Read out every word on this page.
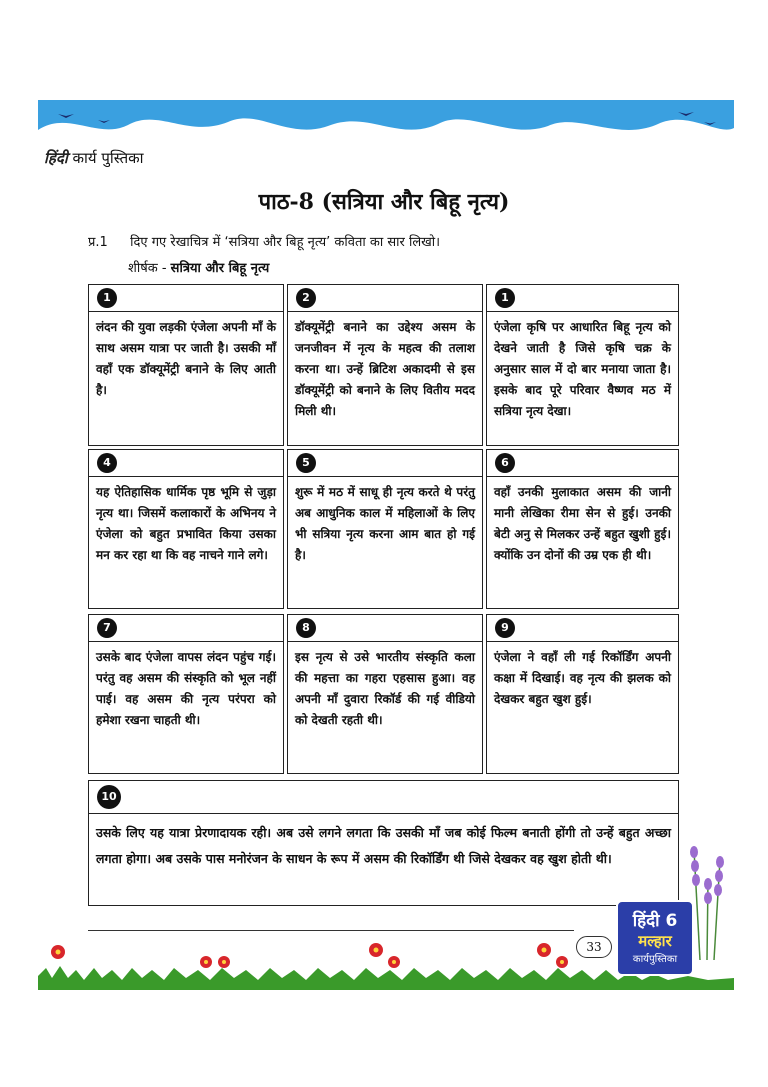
हिंदी कार्य पुस्तिका
पाठ-8 (सत्रिया और बिहू नृत्य)
प्र.1 दिए गए रेखाचित्र में ‘सत्रिया और बिहू नृत्य’ कविता का सार लिखो।
शीर्षक - सत्रिया और बिहू नृत्य
1
लंदन की युवा लड़की एंजेला अपनी माँ के साथ असम यात्रा पर जाती है। उसकी माँ वहाँ एक डॉक्यूमेंट्री बनाने के लिए आती है।
2
डॉक्यूमेंट्री बनाने का उद्देश्य असम के जनजीवन में नृत्य के महत्व की तलाश करना था। उन्हें ब्रिटिश अकादमी से इस डॉक्यूमेंट्री को बनाने के लिए वितीय मदद मिली थी।
1
एंजेला कृषि पर आधारित बिहू नृत्य को देखने जाती है जिसे कृषि चक्र के अनुसार साल में दो बार मनाया जाता है। इसके बाद पूरे परिवार वैष्णव मठ में सत्रिया नृत्य देखा।
4
यह ऐतिहासिक धार्मिक पृष्ठ भूमि से जुड़ा नृत्य था। जिसमें कलाकारों के अभिनय ने एंजेला को बहुत प्रभावित किया उसका मन कर रहा था कि वह नाचने गाने लगे।
5
शुरू में मठ में साधू ही नृत्य करते थे परंतु अब आधुनिक काल में महिलाओं के लिए भी सत्रिया नृत्य करना आम बात हो गई है।
6
वहाँ उनकी मुलाकात असम की जानी मानी लेखिका रीमा सेन से हुई। उनकी बेटी अनु से मिलकर उन्हें बहुत खुशी हुई। क्योंकि उन दोनों की उम्र एक ही थी।
7
उसके बाद एंजेला वापस लंदन पहुंच गई। परंतु वह असम की संस्कृति को भूल नहीं पाई। वह असम की नृत्य परंपरा को हमेशा रखना चाहती थी।
8
इस नृत्य से उसे भारतीय संस्कृति कला की महत्ता का गहरा एहसास हुआ। वह अपनी माँ दुवारा रिकॉर्ड की गई वीडियो को देखती रहती थी।
9
एंजेला ने वहाँ ली गई रिकॉर्डिंग अपनी कक्षा में दिखाई। वह नृत्य की झलक को देखकर बहुत खुश हुई।
10
उसके लिए यह यात्रा प्रेरणादायक रही। अब उसे लगने लगता कि उसकी माँ जब कोई फिल्म बनाती होंगी तो उन्हें बहुत अच्छा लगता होगा। अब उसके पास मनोरंजन के साधन के रूप में असम की रिकॉर्डिंग थी जिसे देखकर वह खुश होती थी।
33
हिंदी 6
मल्हार
कार्यपुस्तिका
